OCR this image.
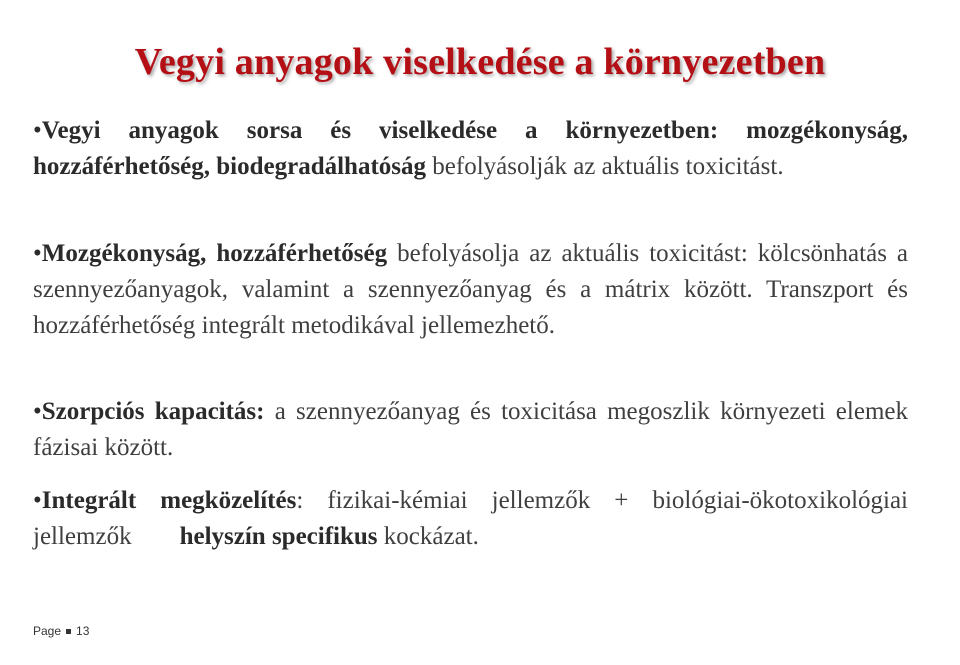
Vegyi anyagok viselkedése a környezetben
•Vegyi anyagok sorsa és viselkedése a környezetben: mozgékonyság, hozzáférhetőség, biodegradálhatóság befolyásolják az aktuális toxicitást.
•Mozgékonyság, hozzáférhetőség befolyásolja az aktuális toxicitást: kölcsönhatás a szennyezőanyagok, valamint a szennyezőanyag és a mátrix között. Transzport és hozzáférhetőség integrált metodikával jellemezhető.
•Szorpciós kapacitás: a szennyezőanyag és toxicitása megoszlik környezeti elemek fázisai között.
•Integrált megközelítés: fizikai-kémiai jellemzők + biológiai-ökotoxikológiai jellemzők helyszín specifikus kockázat.
Page 13
